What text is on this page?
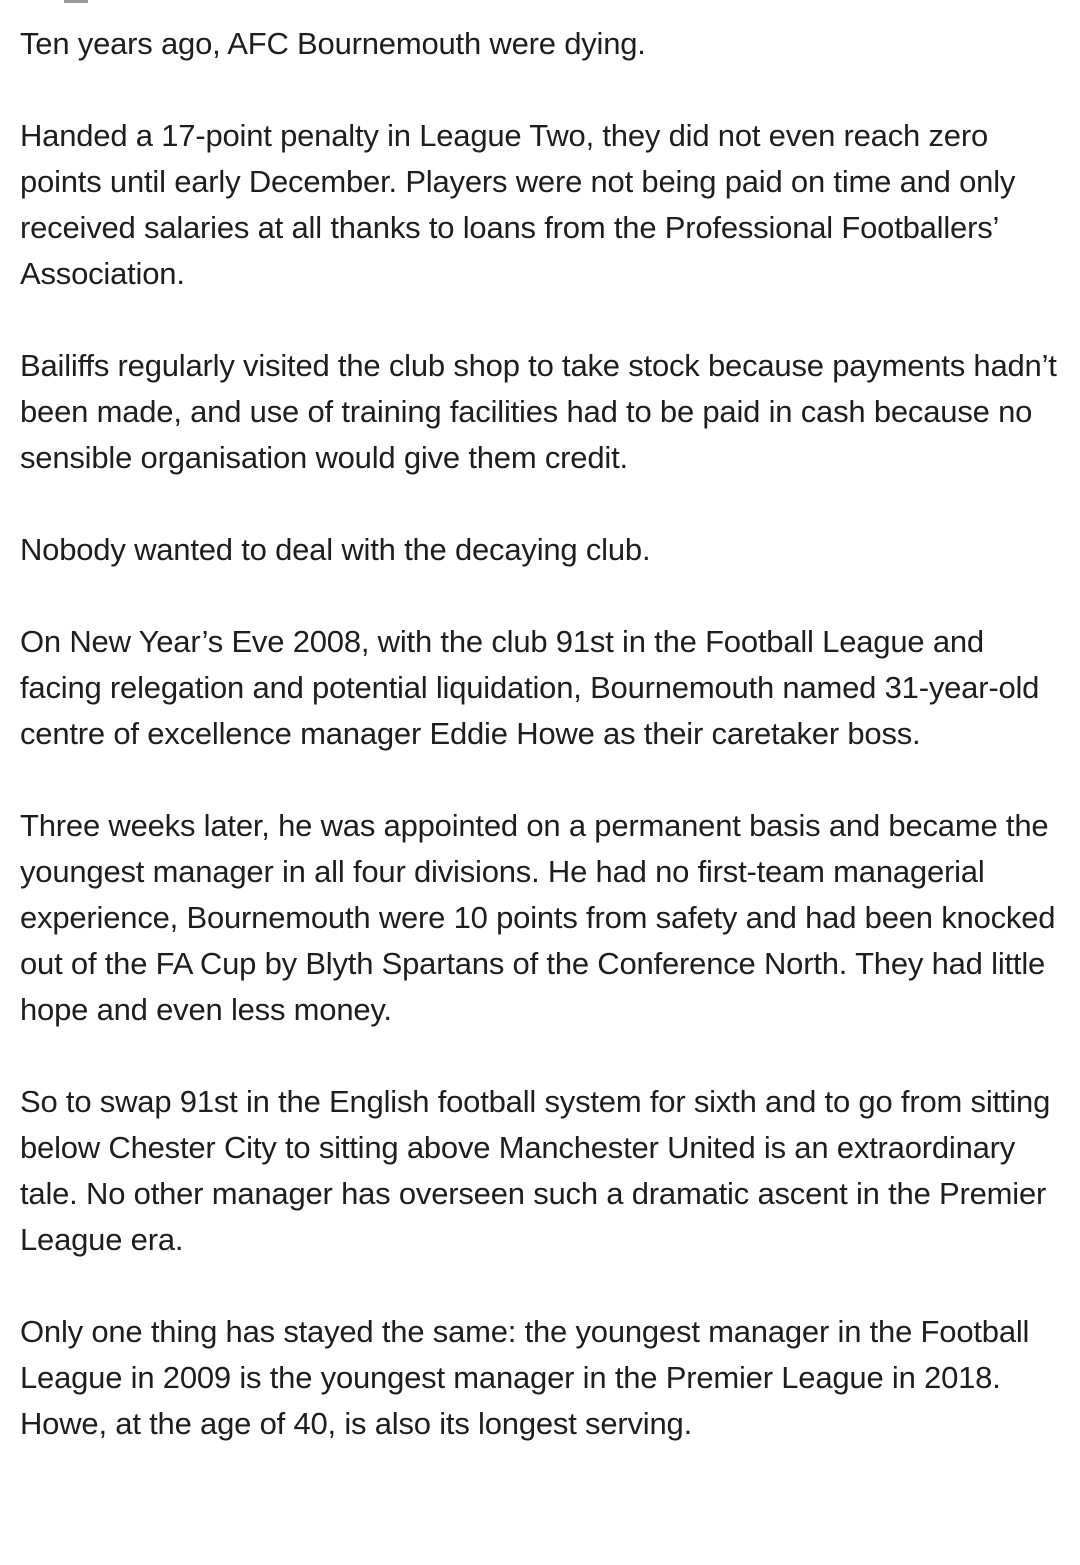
Ten years ago, AFC Bournemouth were dying.

Handed a 17-point penalty in League Two, they did not even reach zero points until early December. Players were not being paid on time and only received salaries at all thanks to loans from the Professional Footballers’ Association.

Bailiffs regularly visited the club shop to take stock because payments hadn’t been made, and use of training facilities had to be paid in cash because no sensible organisation would give them credit.

Nobody wanted to deal with the decaying club.

On New Year’s Eve 2008, with the club 91st in the Football League and facing relegation and potential liquidation, Bournemouth named 31-year-old centre of excellence manager Eddie Howe as their caretaker boss.

Three weeks later, he was appointed on a permanent basis and became the youngest manager in all four divisions. He had no first-team managerial experience, Bournemouth were 10 points from safety and had been knocked out of the FA Cup by Blyth Spartans of the Conference North. They had little hope and even less money.

So to swap 91st in the English football system for sixth and to go from sitting below Chester City to sitting above Manchester United is an extraordinary tale. No other manager has overseen such a dramatic ascent in the Premier League era.

Only one thing has stayed the same: the youngest manager in the Football League in 2009 is the youngest manager in the Premier League in 2018. Howe, at the age of 40, is also its longest serving.
